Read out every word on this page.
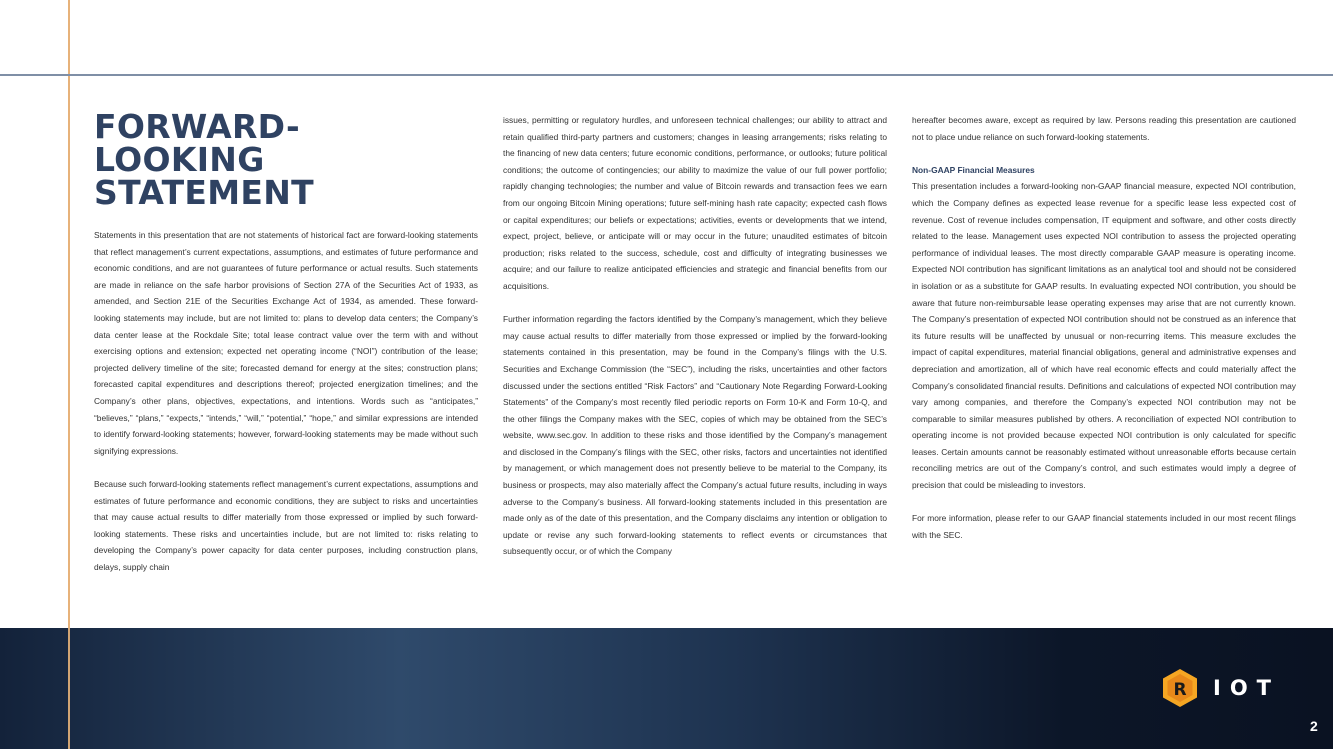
FORWARD-
LOOKING
STATEMENT

Statements in this presentation that are not statements of historical fact are forward-looking statements that reflect management’s current expectations, assumptions, and estimates of future performance and economic conditions, and are not guarantees of future performance or actual results. Such statements are made in reliance on the safe harbor provisions of Section 27A of the Securities Act of 1933, as amended, and Section 21E of the Securities Exchange Act of 1934, as amended. These forward-looking statements may include, but are not limited to: plans to develop data centers; the Company’s data center lease at the Rockdale Site; total lease contract value over the term with and without exercising options and extension; expected net operating income (“NOI”) contribution of the lease; projected delivery timeline of the site; forecasted demand for energy at the sites; construction plans; forecasted capital expenditures and descriptions thereof; projected energization timelines; and the Company’s other plans, objectives, expectations, and intentions. Words such as “anticipates,” “believes,” “plans,” “expects,” “intends,” “will,” “potential,” “hope,” and similar expressions are intended to identify forward-looking statements; however, forward-looking statements may be made without such signifying expressions.

Because such forward-looking statements reflect management’s current expectations, assumptions and estimates of future performance and economic conditions, they are subject to risks and uncertainties that may cause actual results to differ materially from those expressed or implied by such forward-looking statements. These risks and uncertainties include, but are not limited to: risks relating to developing the Company’s power capacity for data center purposes, including construction plans, delays, supply chain

issues, permitting or regulatory hurdles, and unforeseen technical challenges; our ability to attract and retain qualified third-party partners and customers; changes in leasing arrangements; risks relating to the financing of new data centers; future economic conditions, performance, or outlooks; future political conditions; the outcome of contingencies; our ability to maximize the value of our full power portfolio; rapidly changing technologies; the number and value of Bitcoin rewards and transaction fees we earn from our ongoing Bitcoin Mining operations; future self-mining hash rate capacity; expected cash flows or capital expenditures; our beliefs or expectations; activities, events or developments that we intend, expect, project, believe, or anticipate will or may occur in the future; unaudited estimates of bitcoin production; risks related to the success, schedule, cost and difficulty of integrating businesses we acquire; and our failure to realize anticipated efficiencies and strategic and financial benefits from our acquisitions.

Further information regarding the factors identified by the Company’s management, which they believe may cause actual results to differ materially from those expressed or implied by the forward-looking statements contained in this presentation, may be found in the Company’s filings with the U.S. Securities and Exchange Commission (the “SEC”), including the risks, uncertainties and other factors discussed under the sections entitled “Risk Factors” and “Cautionary Note Regarding Forward-Looking Statements” of the Company’s most recently filed periodic reports on Form 10-K and Form 10-Q, and the other filings the Company makes with the SEC, copies of which may be obtained from the SEC’s website, www.sec.gov. In addition to these risks and those identified by the Company’s management and disclosed in the Company’s filings with the SEC, other risks, factors and uncertainties not identified by management, or which management does not presently believe to be material to the Company, its business or prospects, may also materially affect the Company’s actual future results, including in ways adverse to the Company’s business. All forward-looking statements included in this presentation are made only as of the date of this presentation, and the Company disclaims any intention or obligation to update or revise any such forward-looking statements to reflect events or circumstances that subsequently occur, or of which the Company

hereafter becomes aware, except as required by law. Persons reading this presentation are cautioned not to place undue reliance on such forward-looking statements.

Non-GAAP Financial Measures

This presentation includes a forward-looking non-GAAP financial measure, expected NOI contribution, which the Company defines as expected lease revenue for a specific lease less expected cost of revenue. Cost of revenue includes compensation, IT equipment and software, and other costs directly related to the lease. Management uses expected NOI contribution to assess the projected operating performance of individual leases. The most directly comparable GAAP measure is operating income. Expected NOI contribution has significant limitations as an analytical tool and should not be considered in isolation or as a substitute for GAAP results. In evaluating expected NOI contribution, you should be aware that future non-reimbursable lease operating expenses may arise that are not currently known. The Company’s presentation of expected NOI contribution should not be construed as an inference that its future results will be unaffected by unusual or non-recurring items. This measure excludes the impact of capital expenditures, material financial obligations, general and administrative expenses and depreciation and amortization, all of which have real economic effects and could materially affect the Company’s consolidated financial results. Definitions and calculations of expected NOI contribution may vary among companies, and therefore the Company’s expected NOI contribution may not be comparable to similar measures published by others. A reconciliation of expected NOI contribution to operating income is not provided because expected NOI contribution is only calculated for specific leases. Certain amounts cannot be reasonably estimated without unreasonable efforts because certain reconciling metrics are out of the Company’s control, and such estimates would imply a degree of precision that could be misleading to investors.

For more information, please refer to our GAAP financial statements included in our most recent filings with the SEC.

R IOT
2
